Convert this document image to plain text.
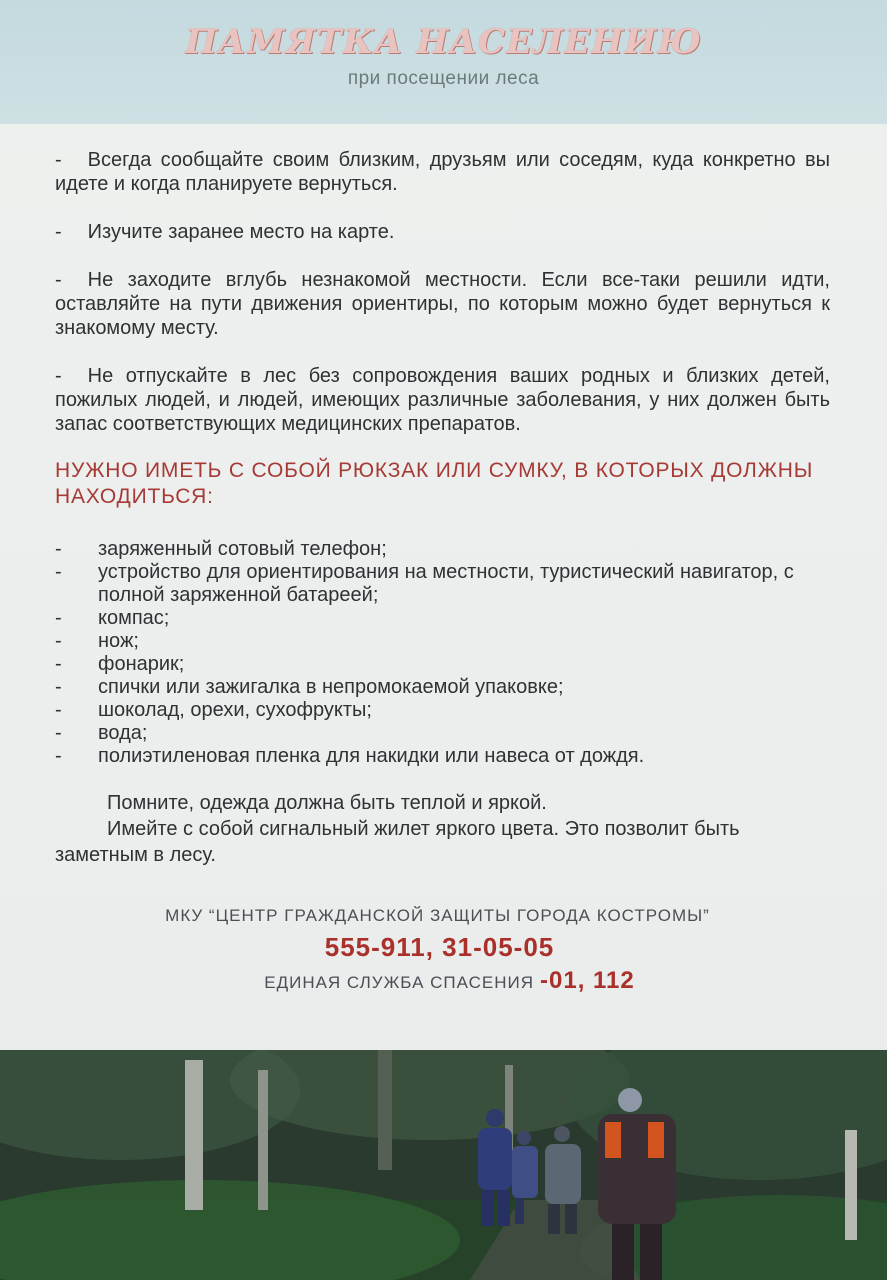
ПАМЯТКА НАСЕЛЕНИЮ
при посещении леса

- Всегда сообщайте своим близким, друзьям или соседям, куда конкретно вы идете и когда планируете вернуться.

- Изучите заранее место на карте.

- Не заходите вглубь незнакомой местности. Если все-таки решили идти, оставляйте на пути движения ориентиры, по которым можно будет вернуться к знакомому месту.

- Не отпускайте в лес без сопровождения ваших родных и близких детей, пожилых людей, и людей, имеющих различные заболевания, у них должен быть запас соответствующих медицинских препаратов.

НУЖНО ИМЕТЬ С СОБОЙ РЮКЗАК ИЛИ СУМКУ, В КОТОРЫХ ДОЛЖНЫ НАХОДИТЬСЯ:
- заряженный сотовый телефон;
- устройство для ориентирования на местности, туристический навигатор, с полной заряженной батареей;
- компас;
- нож;
- фонарик;
- спички или зажигалка в непромокаемой упаковке;
- шоколад, орехи, сухофрукты;
- вода;
- полиэтиленовая пленка для накидки или навеса от дождя.

Помните, одежда должна быть теплой и яркой.

Имейте с собой сигнальный жилет яркого цвета. Это позволит быть заметным в лесу.

МКУ “ЦЕНТР ГРАЖДАНСКОЙ ЗАЩИТЫ ГОРОДА КОСТРОМЫ”
555-911, 31-05-05
ЕДИНАЯ СЛУЖБА СПАСЕНИЯ -01, 112
